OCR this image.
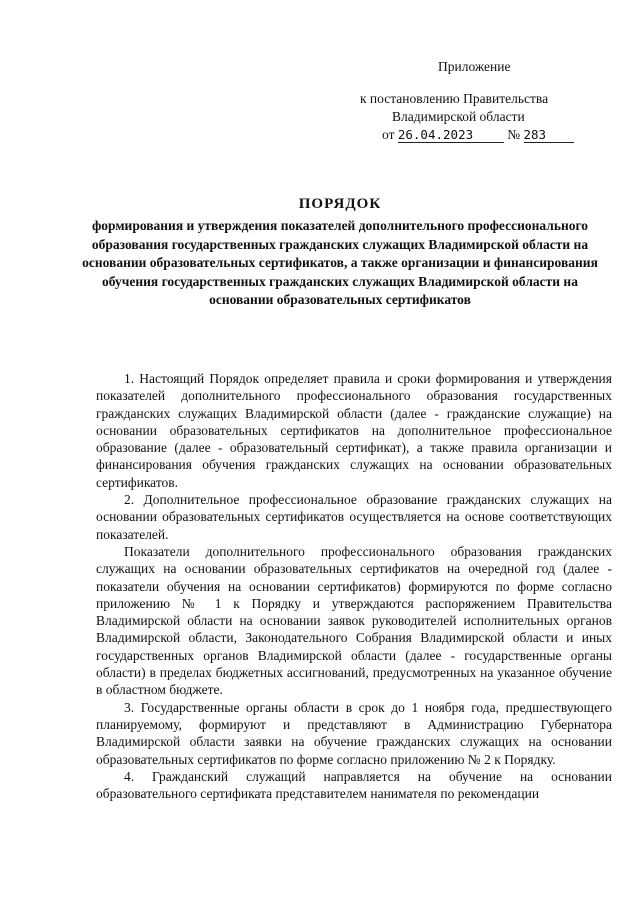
Приложение
к постановлению Правительства
Владимирской области
от 26.04.2023	№ 283
ПОРЯДОК
формирования и утверждения показателей дополнительного профессионального образования государственных гражданских служащих Владимирской области на основании образовательных сертификатов, а также организации и финансирования обучения государственных гражданских служащих Владимирской области на основании образовательных сертификатов

1. Настоящий Порядок определяет правила и сроки формирования и утверждения показателей дополнительного профессионального образования государственных гражданских служащих Владимирской области (далее - гражданские служащие) на основании образовательных сертификатов на дополнительное профессиональное образование (далее - образовательный сертификат), а также правила организации и финансирования обучения гражданских служащих на основании образовательных сертификатов.

2. Дополнительное профессиональное образование гражданских служащих на основании образовательных сертификатов осуществляется на основе соответствующих показателей.

Показатели дополнительного профессионального образования гражданских служащих на основании образовательных сертификатов на очередной год (далее - показатели обучения на основании сертификатов) формируются по форме согласно приложению № 1 к Порядку и утверждаются распоряжением Правительства Владимирской области на основании заявок руководителей исполнительных органов Владимирской области, Законодательного Собрания Владимирской области и иных государственных органов Владимирской области (далее - государственные органы области) в пределах бюджетных ассигнований, предусмотренных на указанное обучение в областном бюджете.

3. Государственные органы области в срок до 1 ноября года, предшествующего планируемому, формируют и представляют в Администрацию Губернатора Владимирской области заявки на обучение гражданских служащих на основании образовательных сертификатов по форме согласно приложению № 2 к Порядку.

4. Гражданский служащий направляется на обучение на основании образовательного сертификата представителем нанимателя по рекомендации
